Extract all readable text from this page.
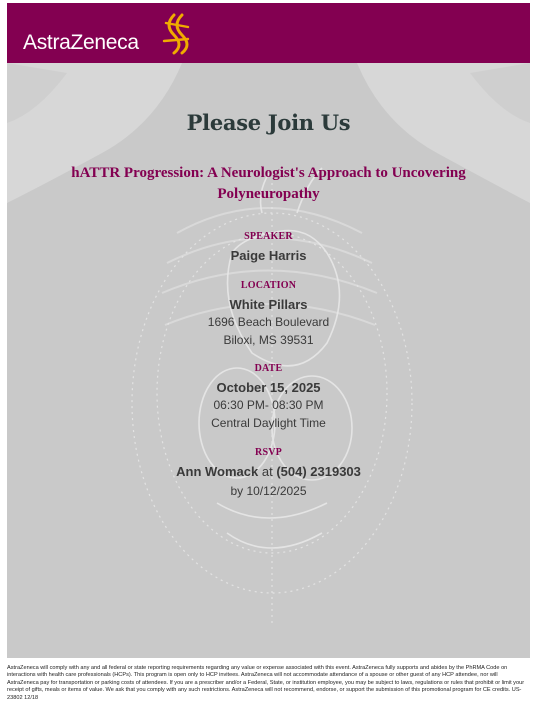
AstraZeneca
Please Join Us
hATTR Progression: A Neurologist's Approach to Uncovering Polyneuropathy
SPEAKER
Paige Harris
LOCATION
White Pillars
1696 Beach Boulevard
Biloxi, MS 39531
DATE
October 15, 2025
06:30 PM- 08:30 PM
Central Daylight Time
RSVP
Ann Womack at (504) 2319303
by 10/12/2025
AstraZeneca will comply with any and all federal or state reporting requirements regarding any value or expense associated with this event. AstraZeneca fully supports and abides by the PhRMA Code on interactions with health care professionals (HCPs). This program is open only to HCP invitees. AstraZeneca will not accommodate attendance of a spouse or other guest of any HCP attendee, nor will AstraZeneca pay for transportation or parking costs of attendees. If you are a prescriber and/or a Federal, State, or institution employee, you may be subject to laws, regulations or rules that prohibit or limit your receipt of gifts, meals or items of value. We ask that you comply with any such restrictions. AstraZeneca will not recommend, endorse, or support the submission of this promotional program for CE credits. US-23802 12/18
